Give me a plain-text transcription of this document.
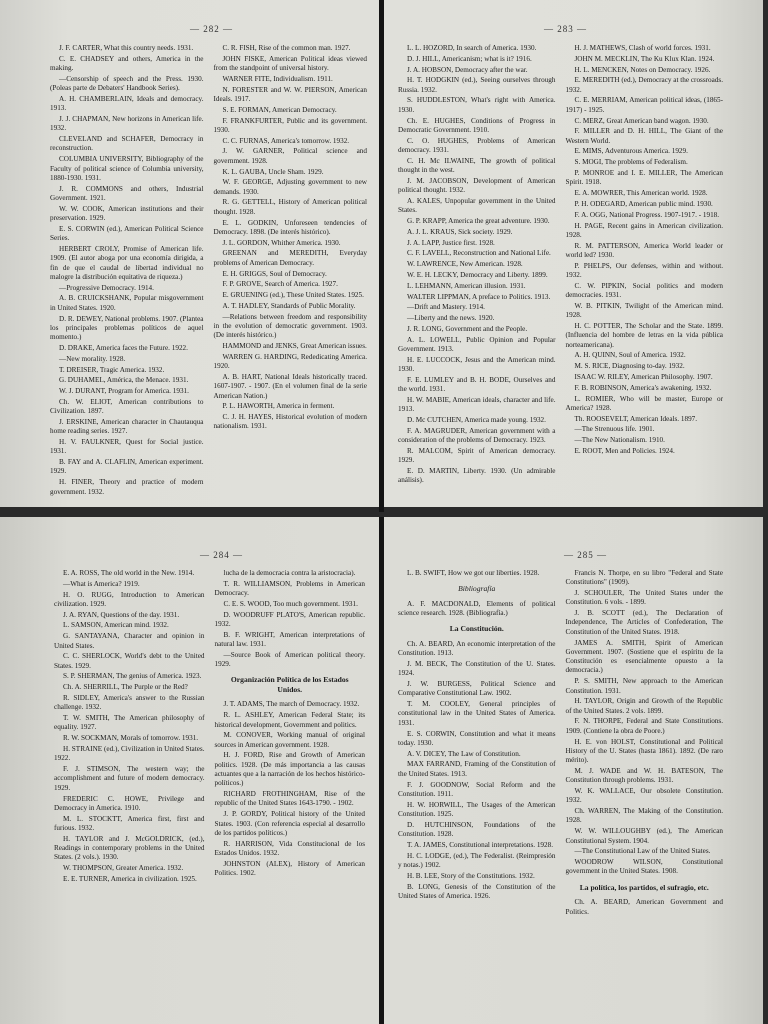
— 282 —

J. F. CARTER, What this country needs. 1931.

C. E. CHADSEY and others, America in the making.

—Censorship of speech and the Press. 1930. (Poleas parte de Debaters' Handbook Series).

A. H. CHAMBERLAIN, Ideals and democracy. 1913.

J. J. CHAPMAN, New horizons in American life. 1932.

CLEVELAND and SCHAFER, Democracy in reconstruction.

COLUMBIA UNIVERSITY, Bibliography of the Faculty of political science of Columbia university, 1880-1930. 1931.

J. R. COMMONS and others, Industrial Government. 1921.

W. W. COOK, American institutions and their preservation. 1929.

E. S. CORWIN (ed.), American Political Science Series.

HERBERT CROLY, Promise of American life. 1909. (El autor aboga por una economía dirigida, a fin de que el caudal de libertad individual no malogre la distribución equitativa de riqueza.)

—Progressive Democracy. 1914.

A. B. CRUICKSHANK, Popular misgovernment in United States. 1920.

D. R. DEWEY, National problems. 1907. (Plantea los principales problemas políticos de aquel momento.)

D. DRAKE, America faces the Future. 1922.

—New morality. 1928.

T. DREISER, Tragic America. 1932.

G. DUHAMEL, América, the Menace. 1931.

W. J. DURANT, Program for America. 1931.

Ch. W. ELIOT, American contributions to Civilization. 1897.

J. ERSKINE, American character in Chautauqua home reading series. 1927.

H. V. FAULKNER, Quest for Social justice. 1931.

B. FAY and A. CLAFLIN, American experiment. 1929.

H. FINER, Theory and practice of modern government. 1932.

C. R. FISH, Rise of the common man. 1927.

JOHN FISKE, American Political ideas viewed from the standpoint of universal history.

WARNER FITE, Individualism. 1911.

N. FORESTER and W. W. PIERSON, American Ideals. 1917.

S. E. FORMAN, American Democracy.

F. FRANKFURTER, Public and its government. 1930.

C. C. FURNAS, America's tomorrow. 1932.

J. W. GARNER, Political science and government. 1928.

K. L. GAUBA, Uncle Sham. 1929.

W. F. GEORGE, Adjusting government to new demands. 1930.

R. G. GETTELL, History of American political thought. 1928.

E. L. GODKIN, Unforeseen tendencies of Democracy. 1898. (De interés histórico).

J. L. GORDON, Whither America. 1930.

GREENAN and MEREDITH, Everyday problems of American Democracy.

E. H. GRIGGS, Soul of Democracy.

F. P. GROVE, Search of America. 1927.

E. GRUENING (ed.), These United States. 1925.

A. T. HADLEY, Standards of Public Morality.

—Relations between freedom and responsibility in the evolution of democratic government. 1903. (De interés histórico.)

HAMMOND and JENKS, Great American issues.

WARREN G. HARDING, Rededicating America. 1920.

A. B. HART, National Ideals historically traced. 1607-1907. - 1907. (En el volumen final de la serie American Nation.)

P. L. HAWORTH, America in ferment.

C. J. H. HAYES, Historical evolution of modern nationalism. 1931.

— 283 —

L. L. HOZORD, In search of America. 1930.

D. J. HILL, Americanism; what is it? 1916.

J. A. HOBSON, Democracy after the war.

H. T. HODGKIN (ed.), Seeing ourselves through Russia. 1932.

S. HUDDLESTON, What's right with America. 1930.

Ch. E. HUGHES, Conditions of Progress in Democratic Government. 1910.

C. O. HUGHES, Problems of American democracy. 1931.

C. H. Mc ILWAINE, The growth of political thought in the west.

J. M. JACOBSON, Development of American political thought. 1932.

A. KALES, Unpopular government in the United States.

G. P. KRAPP, America the great adventure. 1930.

A. J. L. KRAUS, Sick society. 1929.

J. A. LAPP, Justice first. 1928.

C. F. LAVELL, Reconstruction and National Life.

W. LAWRENCE, New American. 1928.

W. E. H. LECKY, Democracy and Liberty. 1899.

L. LEHMANN, American illusion. 1931.

WALTER LIPPMAN, A preface to Politics. 1913.

—Drift and Mastery. 1914.

—Liberty and the news. 1920.

J. R. LONG, Government and the People.

A. L. LOWELL, Public Opinion and Popular Government. 1913.

H. E. LUCCOCK, Jesus and the American mind. 1930.

F. E. LUMLEY and B. H. BODE, Ourselves and the world. 1931.

H. W. MABIE, American ideals, character and life. 1913.

D. Mc CUTCHEN, America made young. 1932.

F. A. MAGRUDER, American government with a consideration of the problems of Democracy. 1923.

R. MALCOM, Spirit of American democracy. 1929.

E. D. MARTIN, Liberty. 1930. (Un admirable análisis).

H. J. MATHEWS, Clash of world forces. 1931.

JOHN M. MECKLIN, The Ku Klux Klan. 1924.

H. L. MENCKEN, Notes on Democracy. 1926.

E. MEREDITH (ed.), Democracy at the crossroads. 1932.

C. E. MERRIAM, American political ideas, (1865-1917) - 1925.

C. MERZ, Great American band wagon. 1930.

F. MILLER and D. H. HILL, The Giant of the Western World.

E. MIMS, Adventurous America. 1929.

S. MOGI, The problems of Federalism.

P. MONROE and I. E. MILLER, The American Spirit. 1918.

E. A. MOWRER, This American world. 1928.

P. H. ODEGARD, American public mind. 1930.

F. A. OGG, National Progress. 1907-1917. - 1918.

H. PAGE, Recent gains in American civilization. 1928.

R. M. PATTERSON, America World leader or world led? 1930.

P. PHELPS, Our defenses, within and without. 1932.

C. W. PIPKIN, Social politics and modern democracies. 1931.

W. B. PITKIN, Twilight of the American mind. 1928.

H. C. POTTER, The Scholar and the State. 1899. (Influencia del hombre de letras en la vida pública norteamericana).

A. H. QUINN, Soul of America. 1932.

M. S. RICE, Diagnosing to-day. 1932.

ISAAC W. RILEY, American Philosophy. 1907.

F. B. ROBINSON, America's awakening. 1932.

L. ROMIER, Who will be master, Europe or America? 1928.

Th. ROOSEVELT, American Ideals. 1897.

—The Strenuous life. 1901.

—The New Nationalism. 1910.

E. ROOT, Men and Policies. 1924.

— 284 —

E. A. ROSS, The old world in the New. 1914.

—What is America? 1919.

H. O. RUGG, Introduction to American civilization. 1929.

J. A. RYAN, Questions of the day. 1931.

L. SAMSON, American mind. 1932.

G. SANTAYANA, Character and opinion in United States.

C. C. SHERLOCK, World's debt to the United States. 1929.

S. P. SHERMAN, The genius of America. 1923.

Ch. A. SHERRILL, The Purple or the Red?

R. SIDLEY, America's answer to the Russian challenge. 1932.

T. W. SMITH, The American philosophy of equality. 1927.

R. W. SOCKMAN, Morals of tomorrow. 1931.

H. STRAINE (ed.), Civilization in United States. 1922.

F. J. STIMSON, The western way; the accomplishment and future of modern democracy. 1929.

FREDERIC C. HOWE, Privilege and Democracy in America. 1910.

M. L. STOCKTT, America first, first and furious. 1932.

H. TAYLOR and J. McGOLDRICK, (ed.), Readings in contemporary problems in the United States. (2 vols.). 1930.

W. THOMPSON, Greater America. 1932.

E. E. TURNER, America in civilization. 1925.

lucha de la democracia contra la aristocracia).

T. R. WILLIAMSON, Problems in American Democracy.

C. E. S. WOOD, Too much government. 1931.

D. WOODRUFF PLATO'S, American republic. 1932.

B. F. WRIGHT, American interpretations of natural law. 1931.

—Source Book of American political theory. 1929.

Organización Política de los Estados Unidos.

J. T. ADAMS, The march of Democracy. 1932.

R. L. ASHLEY, American Federal State; its historical development, Government and politics.

M. CONOVER, Working manual of original sources in American government. 1928.

H. J. FORD, Rise and Growth of American politics. 1928. (De más importancia a las causas actuantes que a la narración de los hechos histórico-políticos.)

RICHARD FROTHINGHAM, Rise of the republic of the United States 1643-1790. - 1902.

J. P. GORDY, Political history of the United States. 1903. (Con referencia especial al desarrollo de los partidos políticos.)

R. HARRISON, Vida Constitucional de los Estados Unidos. 1932.

JOHNSTON (ALEX), History of American Politics. 1902.

— 285 —

L. B. SWIFT, How we got our liberties. 1928.

Bibliografía

A. F. MACDONALD, Elements of political science research. 1928. (Bibliografía.)

La Constitución.

Ch. A. BEARD, An economic interpretation of the Constitution. 1913.

J. M. BECK, The Constitution of the U. States. 1924.

J. W. BURGESS, Political Science and Comparative Constitutional Law. 1902.

T. M. COOLEY, General principles of constitutional law in the United States of America. 1931.

E. S. CORWIN, Constitution and what it means today. 1930.

A. V. DICEY, The Law of Constitution.

MAX FARRAND, Framing of the Constitution of the United States. 1913.

F. J. GOODNOW, Social Reform and the Constitution. 1911.

H. W. HORWILL, The Usages of the American Constitution. 1925.

D. HUTCHINSON, Foundations of the Constitution. 1928.

T. A. JAMES, Constitutional interpretations. 1928.

H. C. LODGE, (ed.), The Federalist. (Reimpresión y notas.) 1902.

H. B. LEE, Story of the Constitutions. 1932.

B. LONG, Genesis of the Constitution of the United States of America. 1926.

Francis N. Thorpe, en su libro "Federal and State Constitutions" (1909).

J. SCHOULER, The United States under the Constitution. 6 vols. - 1899.

J. B. SCOTT (ed.), The Declaration of Independence, The Articles of Confederation, The Constitution of the United States. 1918.

JAMES A. SMITH, Spirit of American Government. 1907. (Sostiene que el espíritu de la Constitución es esencialmente opuesto a la democracia.)

P. S. SMITH, New approach to the American Constitution. 1931.

H. TAYLOR, Origin and Growth of the Republic of the United States. 2 vols. 1899.

F. N. THORPE, Federal and State Constitutions. 1909. (Contiene la obra de Poore.)

H. E. von HOLST, Constitutional and Political History of the U. States (hasta 1861). 1892. (De raro mérito).

M. J. WADE and W. H. BATESON, The Constitution through problems. 1931.

W. K. WALLACE, Our obsolete Constitution. 1932.

Ch. WARREN, The Making of the Constitution. 1928.

W. W. WILLOUGHBY (ed.), The American Constitutional System. 1904.

—The Constitutional Law of the United States.

WOODROW WILSON, Constitutional government in the United States. 1908.

La política, los partidos, el sufragio, etc.

Ch. A. BEARD, American Government and Politics.
